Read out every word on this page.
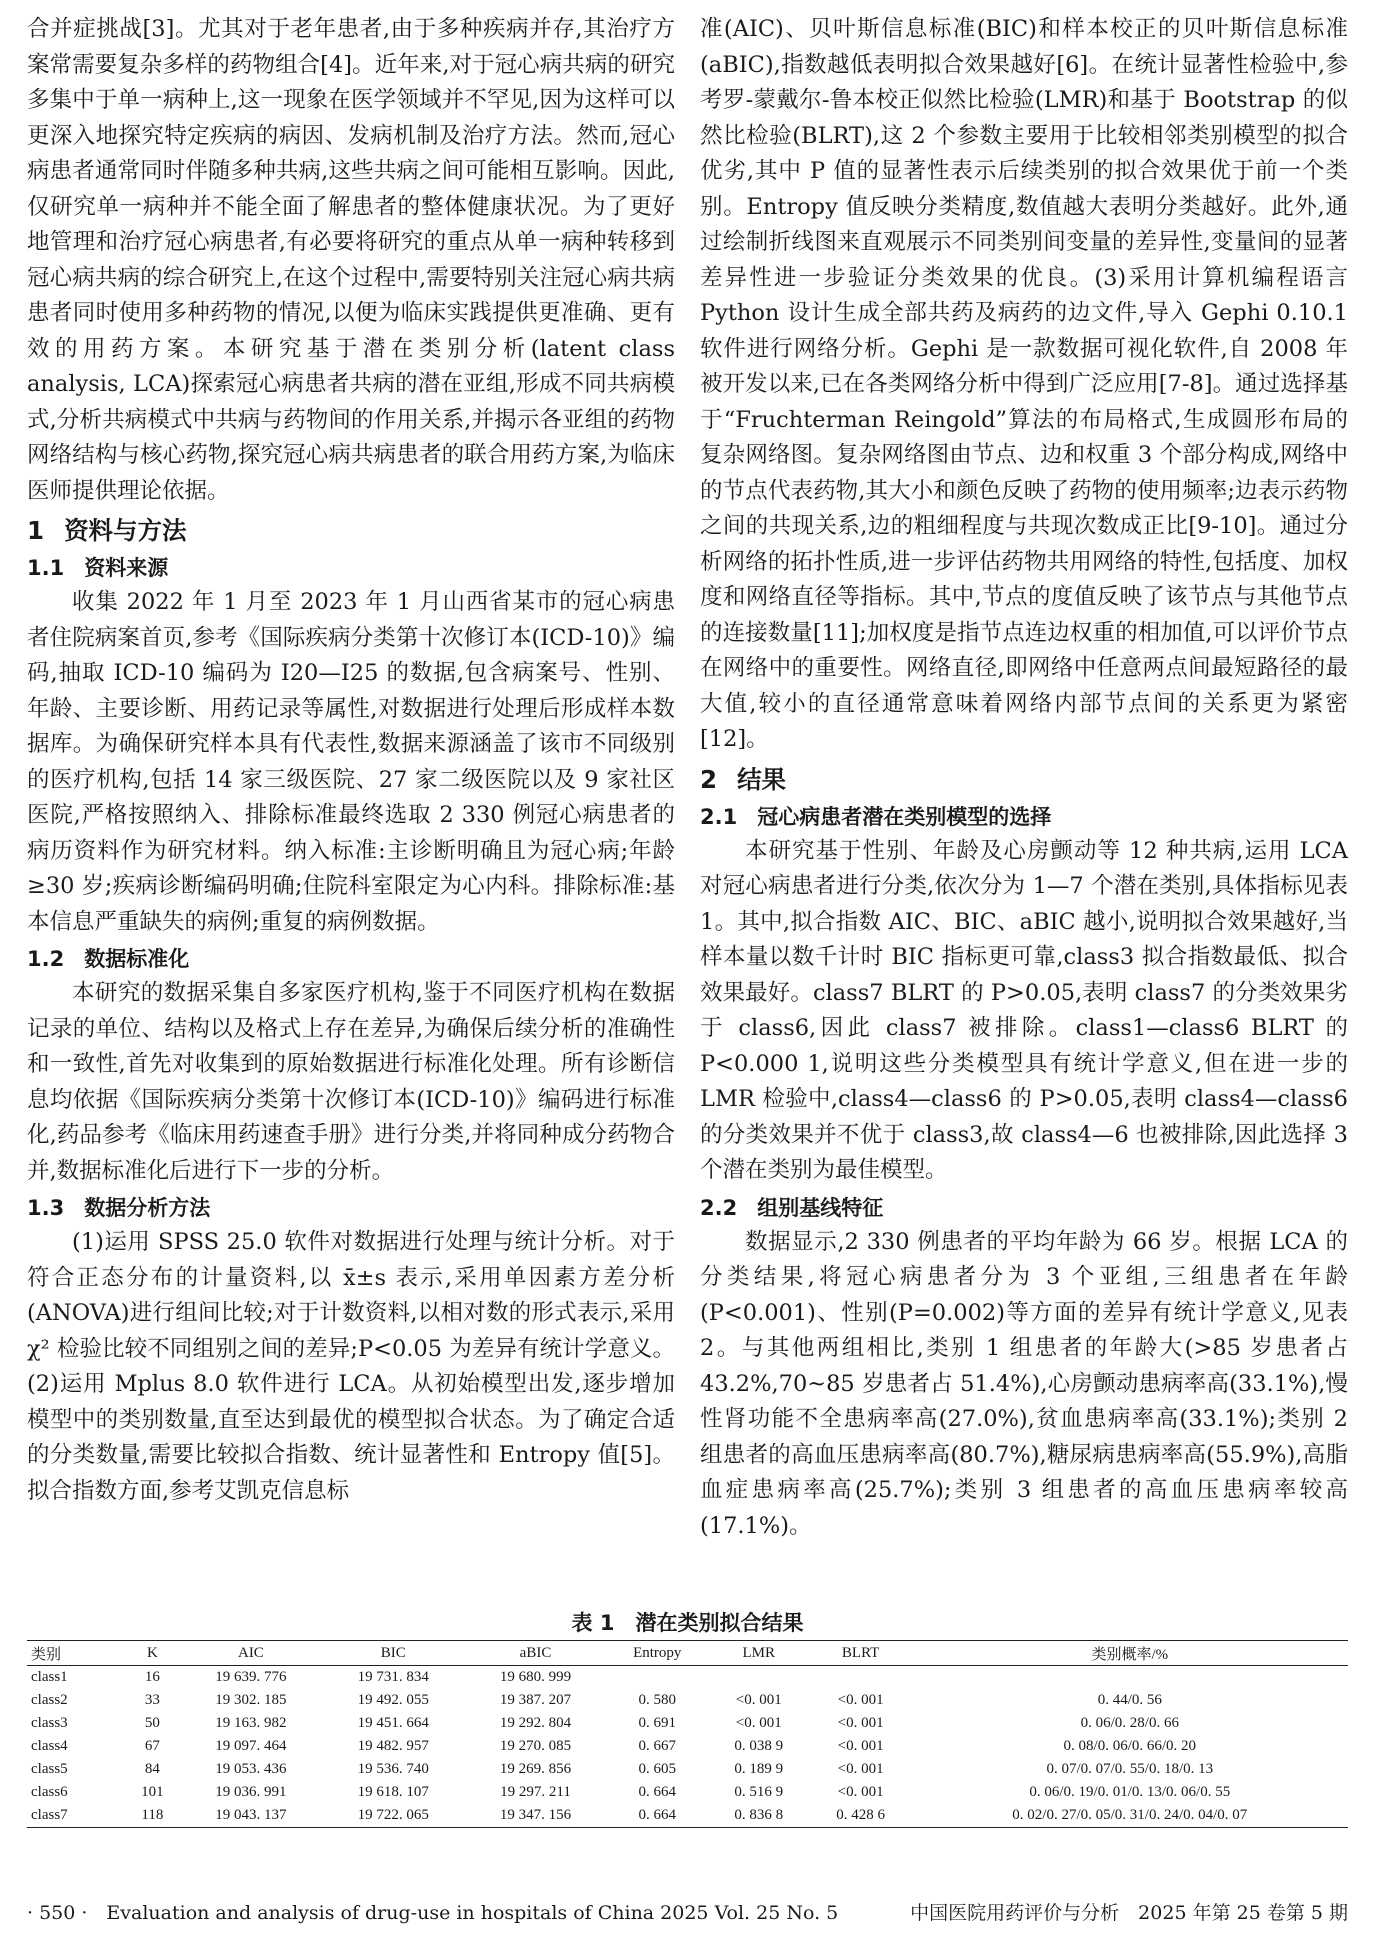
合并症挑战[3]。尤其对于老年患者,由于多种疾病并存,其治疗方案常需要复杂多样的药物组合[4]。近年来,对于冠心病共病的研究多集中于单一病种上,这一现象在医学领域并不罕见,因为这样可以更深入地探究特定疾病的病因、发病机制及治疗方法。然而,冠心病患者通常同时伴随多种共病,这些共病之间可能相互影响。因此,仅研究单一病种并不能全面了解患者的整体健康状况。为了更好地管理和治疗冠心病患者,有必要将研究的重点从单一病种转移到冠心病共病的综合研究上,在这个过程中,需要特别关注冠心病共病患者同时使用多种药物的情况,以便为临床实践提供更准确、更有效的用药方案。本研究基于潜在类别分析(latent class analysis, LCA)探索冠心病患者共病的潜在亚组,形成不同共病模式,分析共病模式中共病与药物间的作用关系,并揭示各亚组的药物网络结构与核心药物,探究冠心病共病患者的联合用药方案,为临床医师提供理论依据。

1 资料与方法
1.1 资料来源

收集 2022 年 1 月至 2023 年 1 月山西省某市的冠心病患者住院病案首页,参考《国际疾病分类第十次修订本(ICD-10)》编码,抽取 ICD-10 编码为 I20—I25 的数据,包含病案号、性别、年龄、主要诊断、用药记录等属性,对数据进行处理后形成样本数据库。为确保研究样本具有代表性,数据来源涵盖了该市不同级别的医疗机构,包括 14 家三级医院、27 家二级医院以及 9 家社区医院,严格按照纳入、排除标准最终选取 2 330 例冠心病患者的病历资料作为研究材料。纳入标准:主诊断明确且为冠心病;年龄≥30 岁;疾病诊断编码明确;住院科室限定为心内科。排除标准:基本信息严重缺失的病例;重复的病例数据。

1.2 数据标准化

本研究的数据采集自多家医疗机构,鉴于不同医疗机构在数据记录的单位、结构以及格式上存在差异,为确保后续分析的准确性和一致性,首先对收集到的原始数据进行标准化处理。所有诊断信息均依据《国际疾病分类第十次修订本(ICD-10)》编码进行标准化,药品参考《临床用药速查手册》进行分类,并将同种成分药物合并,数据标准化后进行下一步的分析。

1.3 数据分析方法

(1)运用 SPSS 25.0 软件对数据进行处理与统计分析。对于符合正态分布的计量资料,以 x̄±s 表示,采用单因素方差分析(ANOVA)进行组间比较;对于计数资料,以相对数的形式表示,采用χ² 检验比较不同组别之间的差异;P<0.05 为差异有统计学意义。(2)运用 Mplus 8.0 软件进行 LCA。从初始模型出发,逐步增加模型中的类别数量,直至达到最优的模型拟合状态。为了确定合适的分类数量,需要比较拟合指数、统计显著性和 Entropy 值[5]。拟合指数方面,参考艾凯克信息标

准(AIC)、贝叶斯信息标准(BIC)和样本校正的贝叶斯信息标准(aBIC),指数越低表明拟合效果越好[6]。在统计显著性检验中,参考罗-蒙戴尔-鲁本校正似然比检验(LMR)和基于 Bootstrap 的似然比检验(BLRT),这 2 个参数主要用于比较相邻类别模型的拟合优劣,其中 P 值的显著性表示后续类别的拟合效果优于前一个类别。Entropy 值反映分类精度,数值越大表明分类越好。此外,通过绘制折线图来直观展示不同类别间变量的差异性,变量间的显著差异性进一步验证分类效果的优良。(3)采用计算机编程语言 Python 设计生成全部共药及病药的边文件,导入 Gephi 0.10.1 软件进行网络分析。Gephi 是一款数据可视化软件,自 2008 年被开发以来,已在各类网络分析中得到广泛应用[7-8]。通过选择基于“Fruchterman Reingold”算法的布局格式,生成圆形布局的复杂网络图。复杂网络图由节点、边和权重 3 个部分构成,网络中的节点代表药物,其大小和颜色反映了药物的使用频率;边表示药物之间的共现关系,边的粗细程度与共现次数成正比[9-10]。通过分析网络的拓扑性质,进一步评估药物共用网络的特性,包括度、加权度和网络直径等指标。其中,节点的度值反映了该节点与其他节点的连接数量[11];加权度是指节点连边权重的相加值,可以评价节点在网络中的重要性。网络直径,即网络中任意两点间最短路径的最大值,较小的直径通常意味着网络内部节点间的关系更为紧密[12]。

2 结果
2.1 冠心病患者潜在类别模型的选择

本研究基于性别、年龄及心房颤动等 12 种共病,运用 LCA 对冠心病患者进行分类,依次分为 1—7 个潜在类别,具体指标见表 1。其中,拟合指数 AIC、BIC、aBIC 越小,说明拟合效果越好,当样本量以数千计时 BIC 指标更可靠,class3 拟合指数最低、拟合效果最好。class7 BLRT 的 P>0.05,表明 class7 的分类效果劣于 class6,因此 class7 被排除。class1—class6 BLRT 的 P<0.000 1,说明这些分类模型具有统计学意义,但在进一步的 LMR 检验中,class4—class6 的 P>0.05,表明 class4—class6 的分类效果并不优于 class3,故 class4—6 也被排除,因此选择 3 个潜在类别为最佳模型。

2.2 组别基线特征

数据显示,2 330 例患者的平均年龄为 66 岁。根据 LCA 的分类结果,将冠心病患者分为 3 个亚组,三组患者在年龄(P<0.001)、性别(P=0.002)等方面的差异有统计学意义,见表 2。与其他两组相比,类别 1 组患者的年龄大(>85 岁患者占 43.2%,70~85 岁患者占 51.4%),心房颤动患病率高(33.1%),慢性肾功能不全患病率高(27.0%),贫血患病率高(33.1%);类别 2 组患者的高血压患病率高(80.7%),糖尿病患病率高(55.9%),高脂血症患病率高(25.7%);类别 3 组患者的高血压患病率较高(17.1%)。

表 1　潜在类别拟合结果
类别	K	AIC	BIC	aBIC	Entropy	LMR	BLRT	类别概率/%
class1	16	19 639. 776	19 731. 834	19 680. 999				
class2	33	19 302. 185	19 492. 055	19 387. 207	0. 580	<0. 001	<0. 001	0. 44/0. 56
class3	50	19 163. 982	19 451. 664	19 292. 804	0. 691	<0. 001	<0. 001	0. 06/0. 28/0. 66
class4	67	19 097. 464	19 482. 957	19 270. 085	0. 667	0. 038 9	<0. 001	0. 08/0. 06/0. 66/0. 20
class5	84	19 053. 436	19 536. 740	19 269. 856	0. 605	0. 189 9	<0. 001	0. 07/0. 07/0. 55/0. 18/0. 13
class6	101	19 036. 991	19 618. 107	19 297. 211	0. 664	0. 516 9	<0. 001	0. 06/0. 19/0. 01/0. 13/0. 06/0. 55
class7	118	19 043. 137	19 722. 065	19 347. 156	0. 664	0. 836 8	0. 428 6	0. 02/0. 27/0. 05/0. 31/0. 24/0. 04/0. 07
· 550 ·　Evaluation and analysis of drug-use in hospitals of China 2025 Vol. 25 No. 5	中国医院用药评价与分析　2025 年第 25 卷第 5 期
